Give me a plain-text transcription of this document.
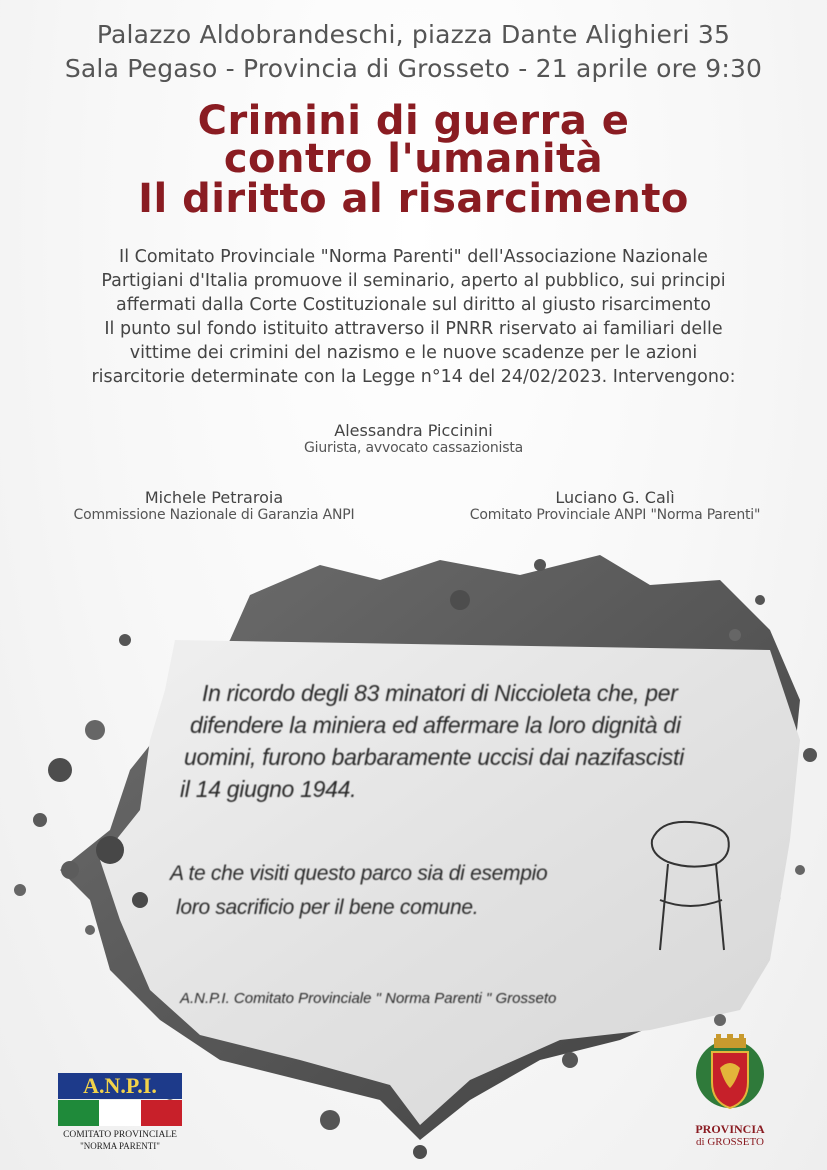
Palazzo Aldobrandeschi, piazza Dante Alighieri 35
Sala Pegaso - Provincia di Grosseto - 21 aprile ore 9:30
Crimini di guerra e
contro l'umanità
Il diritto al risarcimento
Il Comitato Provinciale "Norma Parenti" dell'Associazione Nazionale
Partigiani d'Italia promuove il seminario, aperto al pubblico, sui principi
affermati dalla Corte Costituzionale sul diritto al giusto risarcimento
Il punto sul fondo istituito attraverso il PNRR riservato ai familiari delle
vittime dei crimini del nazismo e le nuove scadenze per le azioni
risarcitorie determinate con la Legge n°14 del 24/02/2023. Intervengono:
Alessandra Piccinini
Giurista, avvocato cassazionista
Michele Petraroia
Commissione Nazionale di Garanzia ANPI
Luciano G. Calì
Comitato Provinciale ANPI "Norma Parenti"
In ricordo degli 83 minatori di Niccioleta che, per
difendere la miniera ed affermare la loro dignità di
uomini, furono barbaramente uccisi dai nazifascisti
il 14 giugno 1944.
A te che visiti questo parco sia di esempio
loro sacrificio per il bene comune.
A.N.P.I. Comitato Provinciale " Norma Parenti " Grosseto
A.N.P.I.
COMITATO PROVINCIALE
"NORMA PARENTI"
PROVINCIA
di GROSSETO
